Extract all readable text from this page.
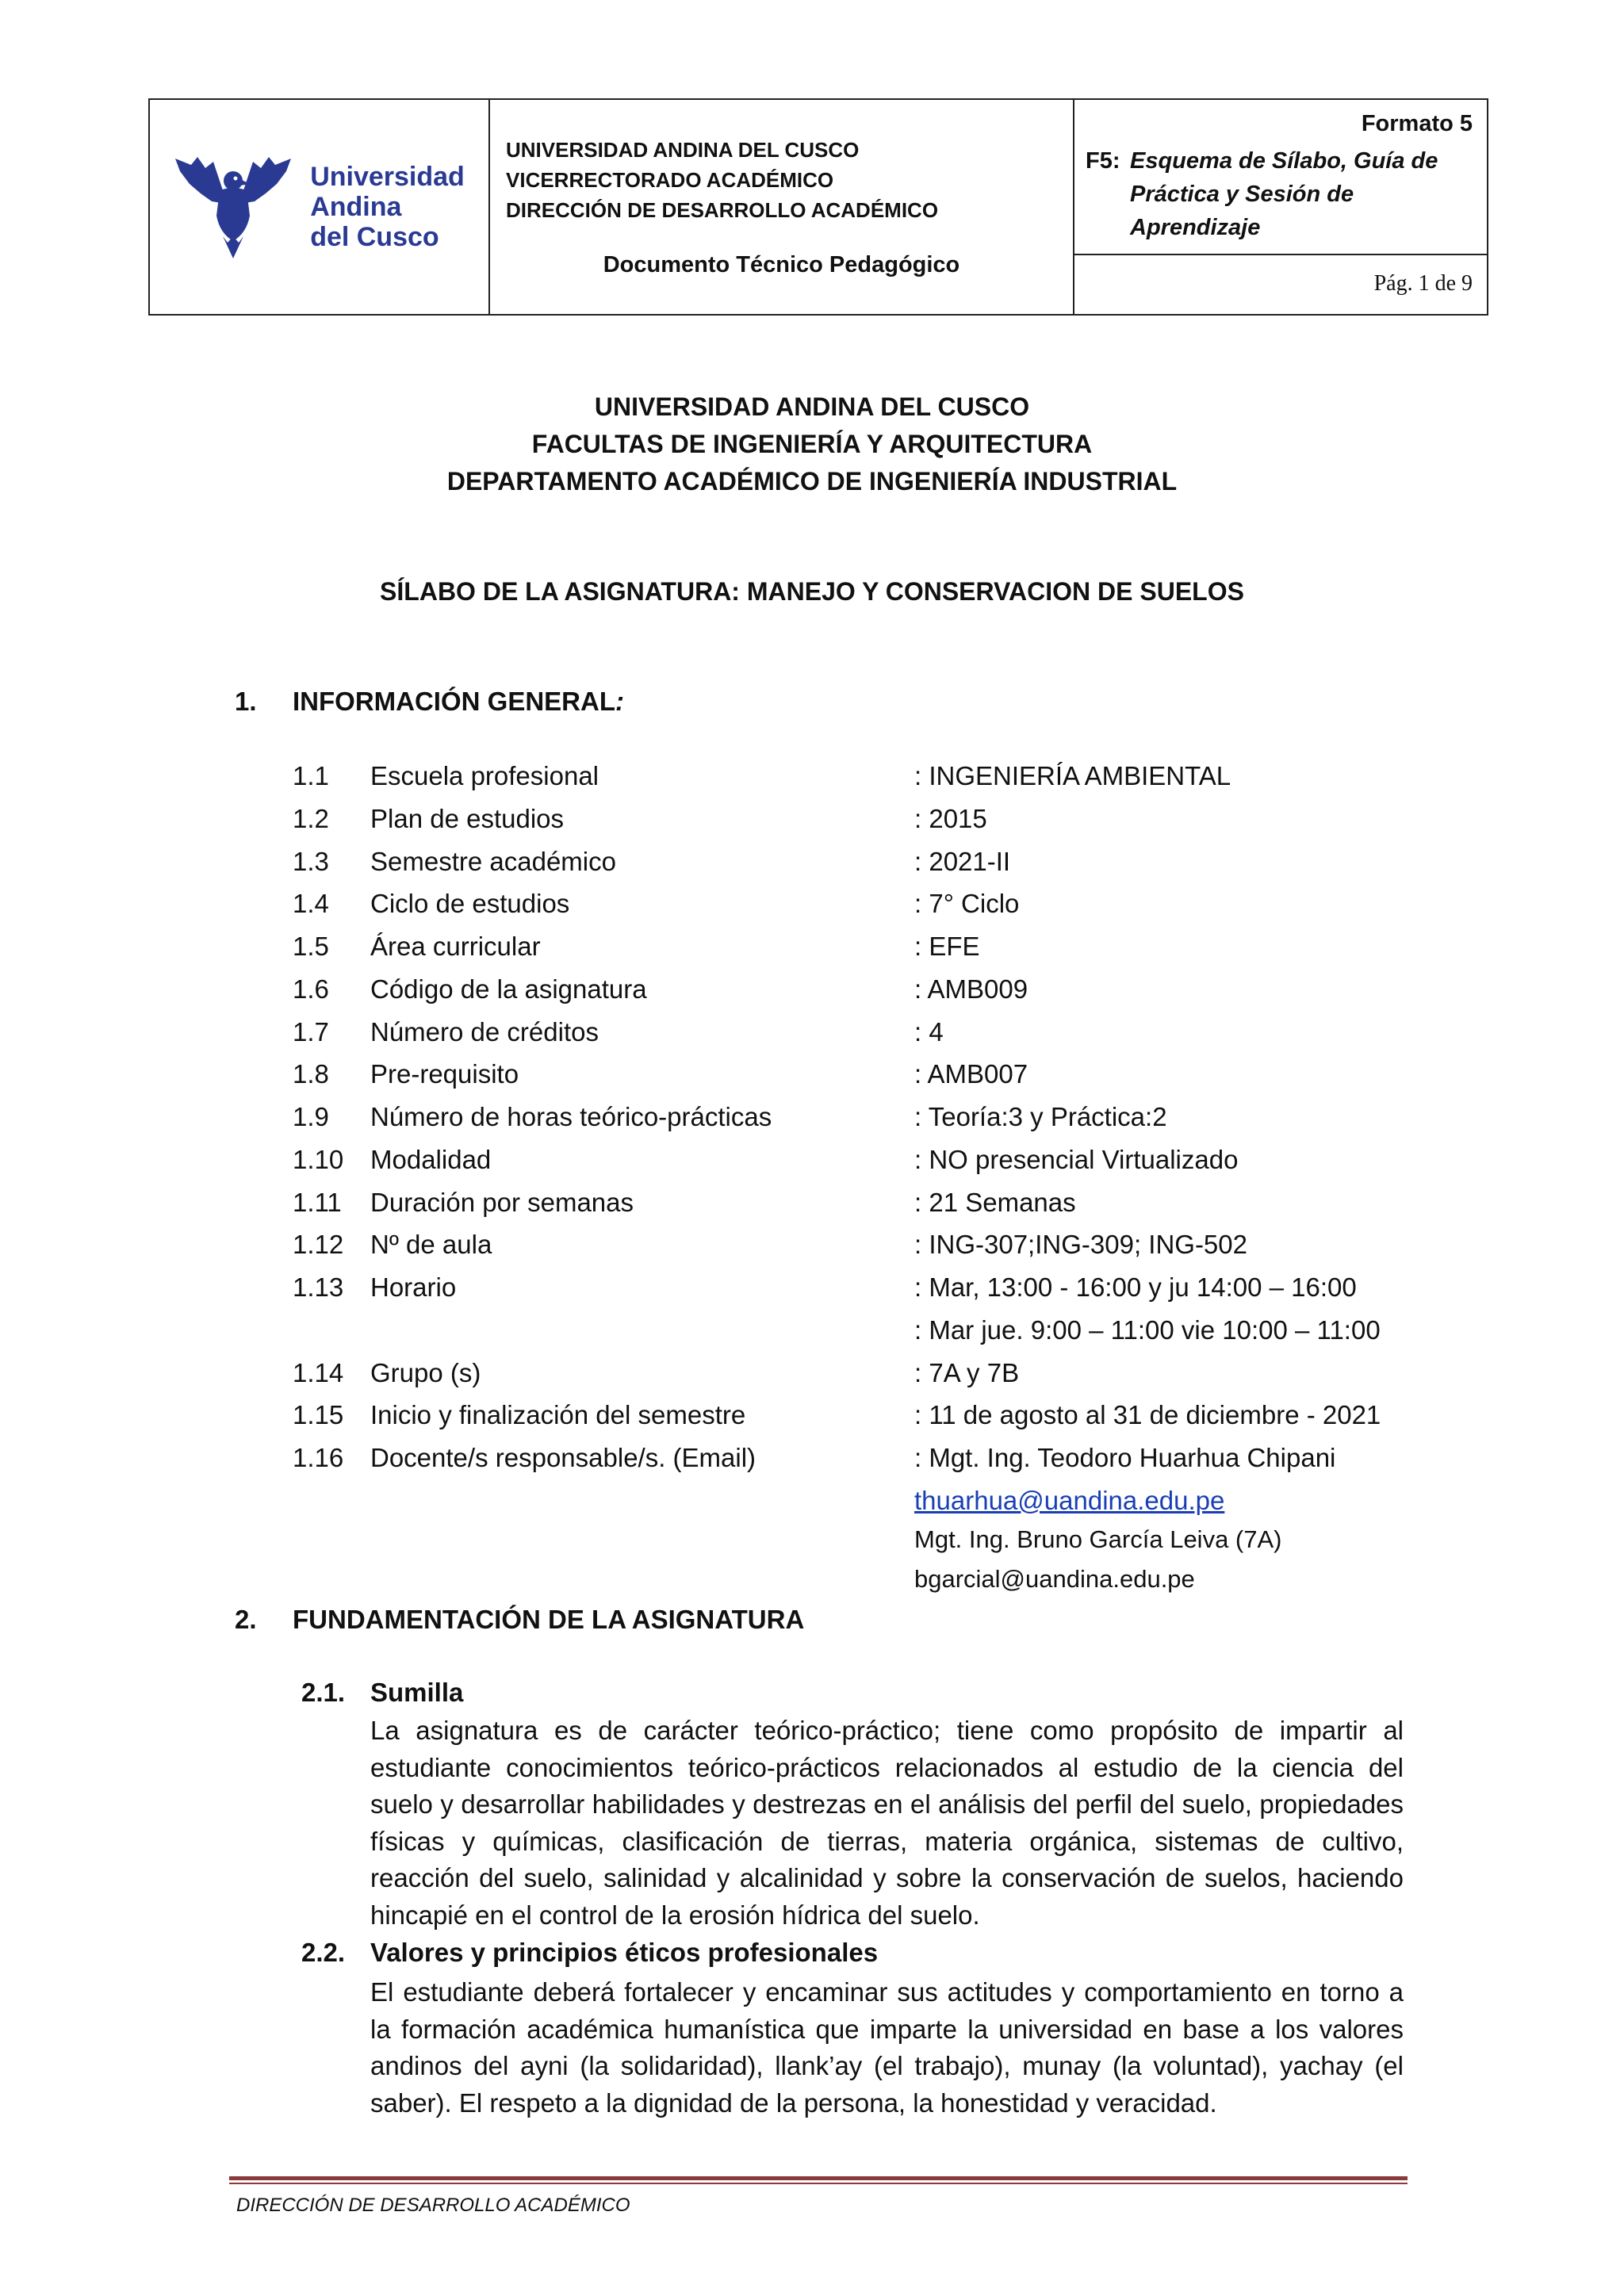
Universidad
Andina
del Cusco
UNIVERSIDAD ANDINA DEL CUSCO
VICERRECTORADO ACADÉMICO
DIRECCIÓN DE DESARROLLO ACADÉMICO
Documento Técnico Pedagógico
Formato 5
F5: Esquema de Sílabo, Guía de Práctica y Sesión de Aprendizaje
Pág. 1 de 9
UNIVERSIDAD ANDINA DEL CUSCO
FACULTAS DE INGENIERÍA Y ARQUITECTURA
DEPARTAMENTO ACADÉMICO DE INGENIERÍA INDUSTRIAL
SÍLABO DE LA ASIGNATURA: MANEJO Y CONSERVACION DE SUELOS
1. INFORMACIÓN GENERAL:
1.1 Escuela profesional	: INGENIERÍA AMBIENTAL
1.2 Plan de estudios	: 2015
1.3 Semestre académico	: 2021-II
1.4 Ciclo de estudios	: 7° Ciclo
1.5 Área curricular	: EFE
1.6 Código de la asignatura	: AMB009
1.7 Número de créditos	: 4
1.8 Pre-requisito	: AMB007
1.9 Número de horas teórico-prácticas	: Teoría:3 y Práctica:2
1.10 Modalidad	: NO presencial Virtualizado
1.11 Duración por semanas	: 21 Semanas
1.12 Nº de aula	: ING-307;ING-309; ING-502
1.13 Horario	: Mar, 13:00 - 16:00 y ju 14:00 – 16:00
: Mar jue. 9:00 – 11:00 vie 10:00 – 11:00
1.14 Grupo (s)	: 7A y 7B
1.15 Inicio y finalización del semestre	: 11 de agosto al 31 de diciembre - 2021
1.16 Docente/s responsable/s. (Email)	: Mgt. Ing. Teodoro Huarhua Chipani
thuarhua@uandina.edu.pe
Mgt. Ing. Bruno García Leiva (7A)
bgarcial@uandina.edu.pe
2. FUNDAMENTACIÓN DE LA ASIGNATURA
2.1. Sumilla
La asignatura es de carácter teórico-práctico; tiene como propósito de impartir al estudiante conocimientos teórico-prácticos relacionados al estudio de la ciencia del suelo y desarrollar habilidades y destrezas en el análisis del perfil del suelo, propiedades físicas y químicas, clasificación de tierras, materia orgánica, sistemas de cultivo, reacción del suelo, salinidad y alcalinidad y sobre la conservación de suelos, haciendo hincapié en el control de la erosión hídrica del suelo.
2.2. Valores y principios éticos profesionales
El estudiante deberá fortalecer y encaminar sus actitudes y comportamiento en torno a la formación académica humanística que imparte la universidad en base a los valores andinos del ayni (la solidaridad), llank’ay (el trabajo), munay (la voluntad), yachay (el saber). El respeto a la dignidad de la persona, la honestidad y veracidad.
DIRECCIÓN DE DESARROLLO ACADÉMICO
